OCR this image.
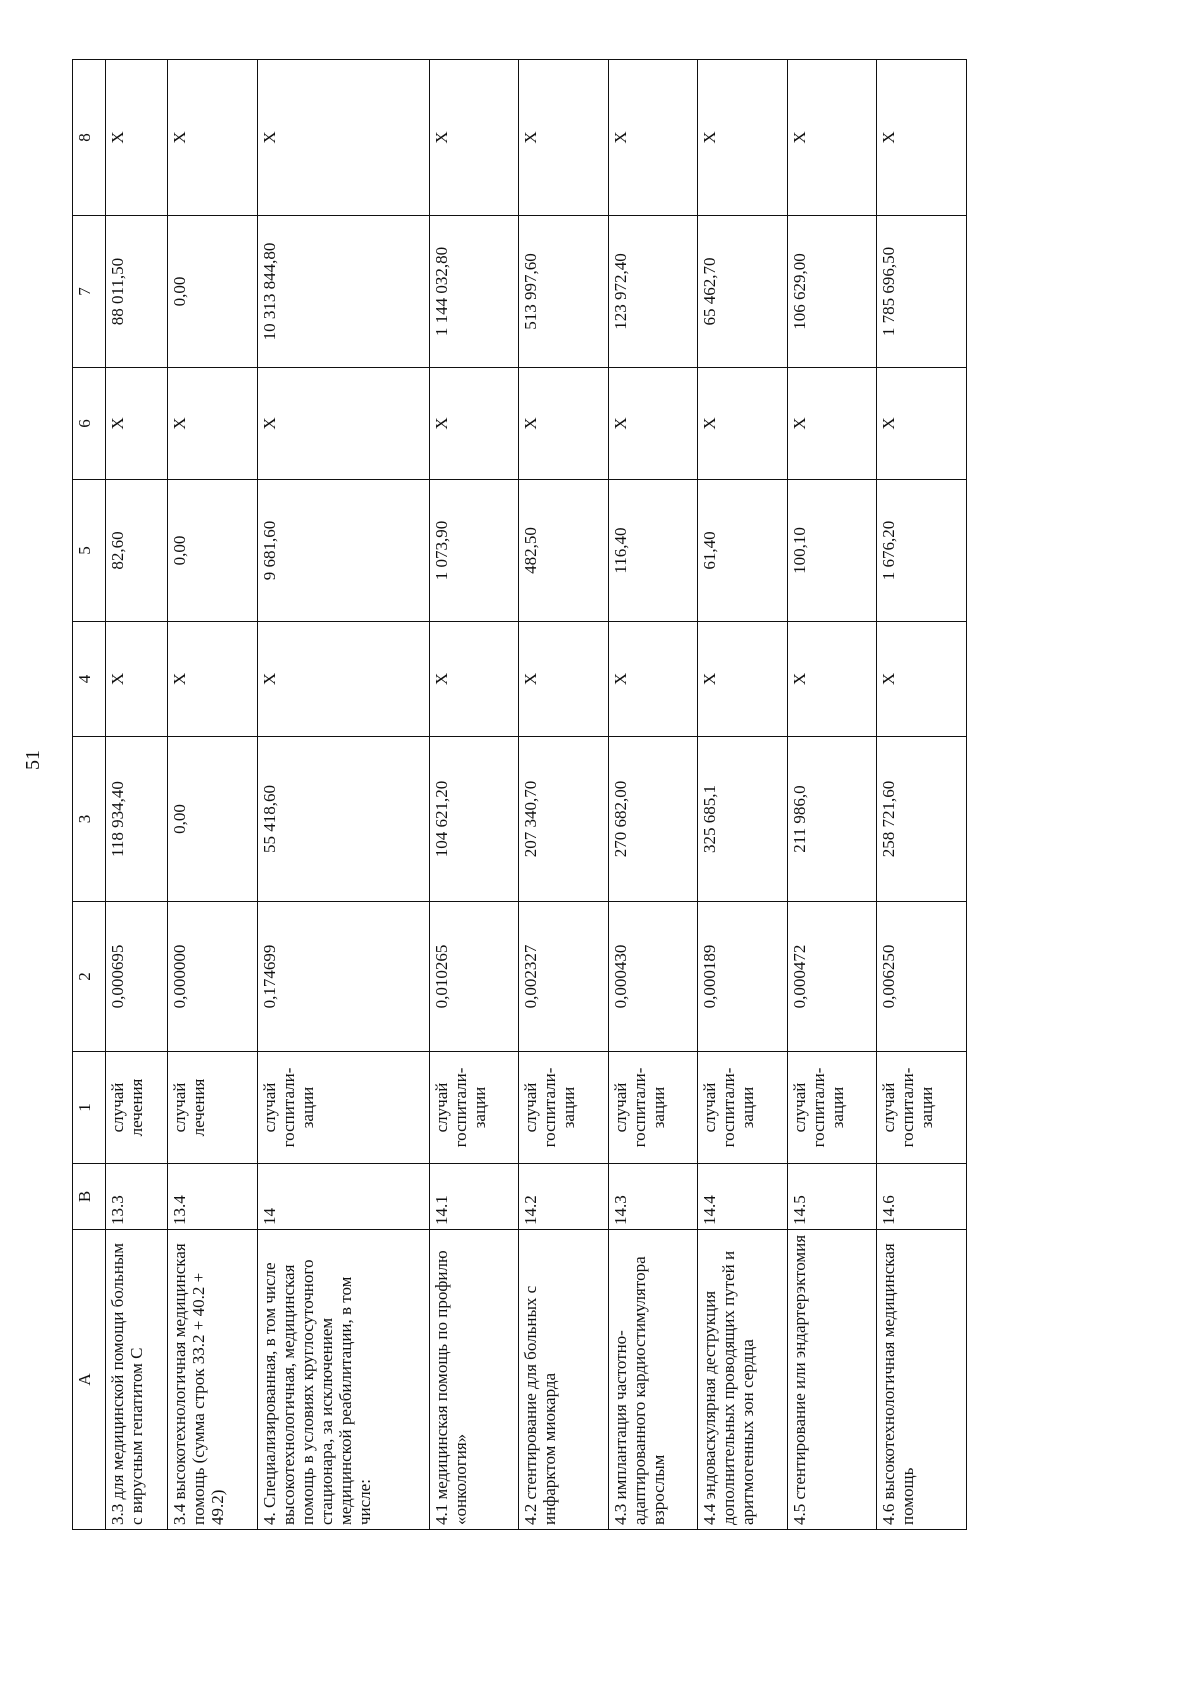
51
A	B	1	2	3	4	5	6	7	8
3.3 для медицинской помощи больным с вирусным гепатитом С	13.3	случай лечения	0,000695	118 934,40	X	82,60	X	88 011,50	X
3.4 высокотехнологичная медицинская помощь (сумма строк 33.2 + 40.2 + 49.2)	13.4	случай лечения	0,000000	0,00	X	0,00	X	0,00	X
4. Специализированная, в том числе высокотехнологичная, медицинская помощь в условиях круглосуточного стационара, за исключением медицинской реабилитации, в том числе:	14	случай госпитали- зации	0,174699	55 418,60	X	9 681,60	X	10 313 844,80	X
4.1 медицинская помощь по профилю «онкология»	14.1	случай госпитали- зации	0,010265	104 621,20	X	1 073,90	X	1 144 032,80	X
4.2 стентирование для больных с инфарктом миокарда	14.2	случай госпитали- зации	0,002327	207 340,70	X	482,50	X	513 997,60	X
4.3 имплантация частотно-адаптированного кардиостимулятора взрослым	14.3	случай госпитали- зации	0,000430	270 682,00	X	116,40	X	123 972,40	X
4.4 эндоваскулярная деструкция дополнительных проводящих путей и аритмогенных зон сердца	14.4	случай госпитали- зации	0,000189	325 685,1	X	61,40	X	65 462,70	X
4.5 стентирование или эндартерэктомия	14.5	случай госпитали- зации	0,000472	211 986,0	X	100,10	X	106 629,00	X
4.6 высокотехнологичная медицинская помощь	14.6	случай госпитали- зации	0,006250	258 721,60	X	1 676,20	X	1 785 696,50	X
